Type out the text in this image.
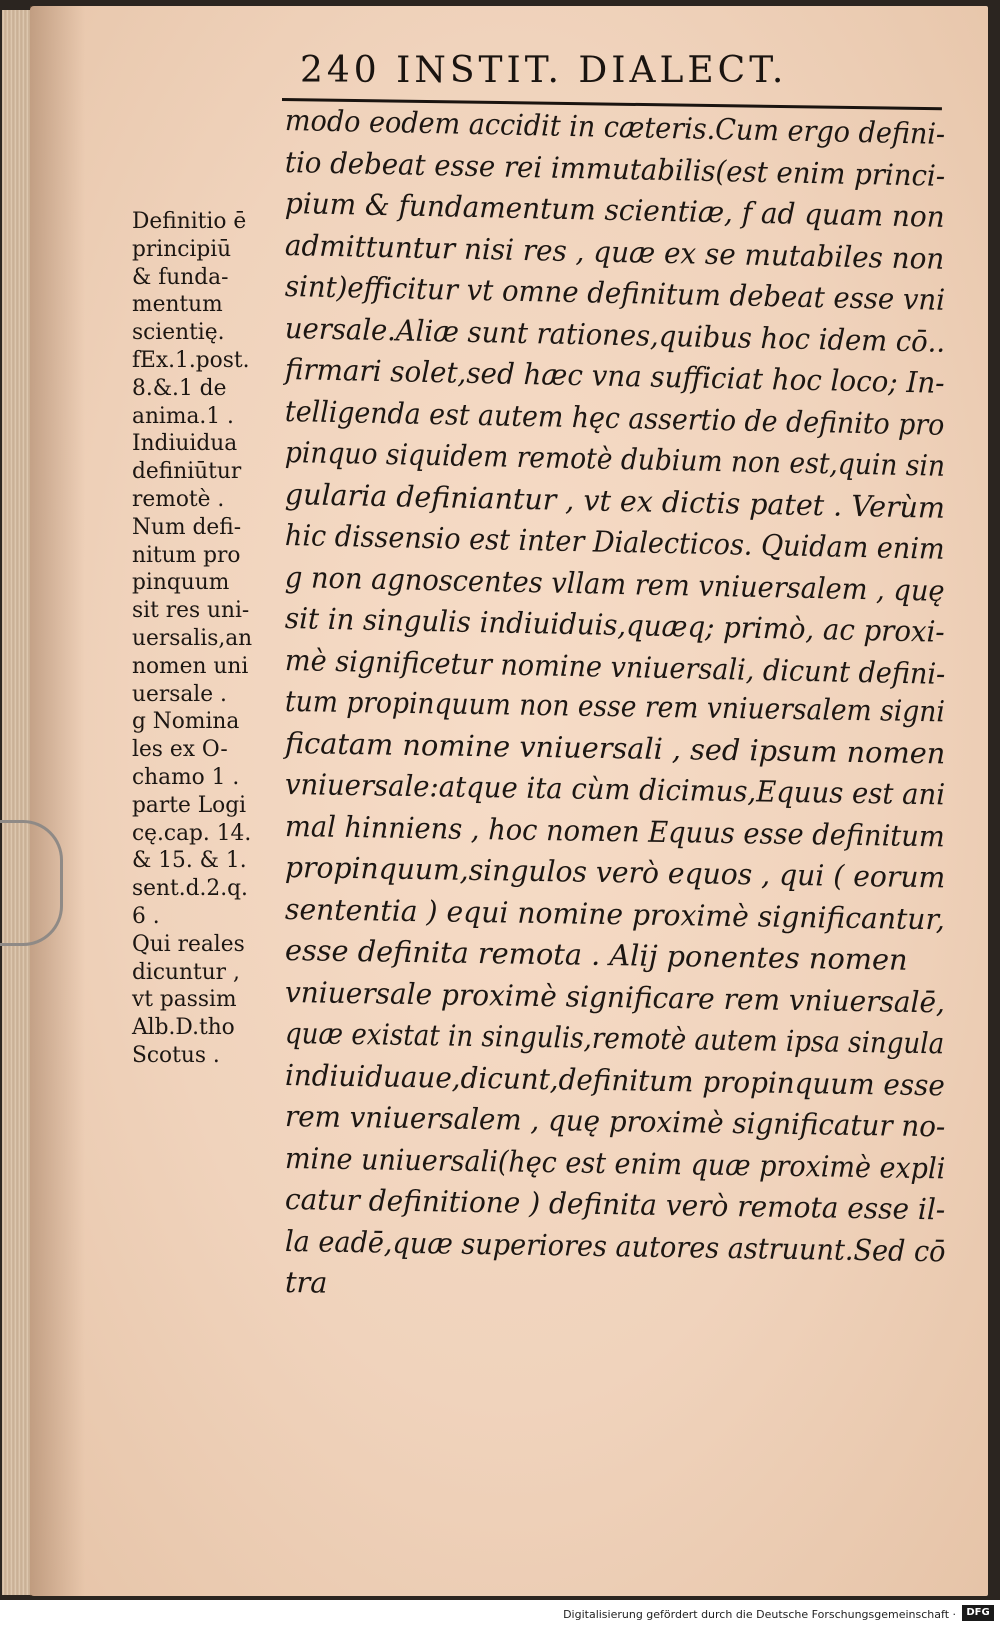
240 INSTIT. DIALECT.
modo eodem accidit in cæteris.Cum ergo defini-
tio debeat esse rei immutabilis(est enim princi-
pium & fundamentum scientiæ, f ad quam non
admittuntur nisi res , quæ ex se mutabiles non
sint)efficitur vt omne definitum debeat esse vni
uersale.Aliæ sunt rationes,quibus hoc idem cō..
firmari solet,sed hæc vna sufficiat hoc loco; In-
telligenda est autem hęc assertio de definito pro
pinquo siquidem remotè dubium non est,quin sin
gularia definiantur , vt ex dictis patet . Verùm
hic dissensio est inter Dialecticos. Quidam enim
g non agnoscentes vllam rem vniuersalem , quę
sit in singulis indiuiduis,quæq; primò, ac proxi-
mè significetur nomine vniuersali, dicunt defini-
tum propinquum non esse rem vniuersalem signi
ficatam nomine vniuersali , sed ipsum nomen
vniuersale:atque ita cùm dicimus,Equus est ani
mal hinniens , hoc nomen Equus esse definitum
propinquum,singulos verò equos , qui ( eorum
sententia ) equi nomine proximè significantur,
esse definita remota . Alij ponentes nomen
vniuersale proximè significare rem vniuersalē,
quæ existat in singulis,remotè autem ipsa singula
indiuiduaue,dicunt,definitum propinquum esse
rem vniuersalem , quę proximè significatur no-
mine uniuersali(hęc est enim quæ proximè expli
catur definitione ) definita verò remota esse il-
la eadē,quæ superiores autores astruunt.Sed cō
tra
Definitio ē
principiū
& funda-
mentum
scientię.
fEx.1.post.
8.&.1 de
anima.1 .
Indiuidua
definiūtur
remotè .
Num defi-
nitum pro
pinquum
sit res uni-
uersalis,an
nomen uni
uersale .
g Nomina
les ex O-
chamo 1 .
parte Logi
cę.cap. 14.
& 15. & 1.
sent.d.2.q.
6 .
Qui reales
dicuntur ,
vt passim
Alb.D.tho
Scotus .
Digitalisierung gefördert durch die Deutsche Forschungsgemeinschaft ·	DFG
